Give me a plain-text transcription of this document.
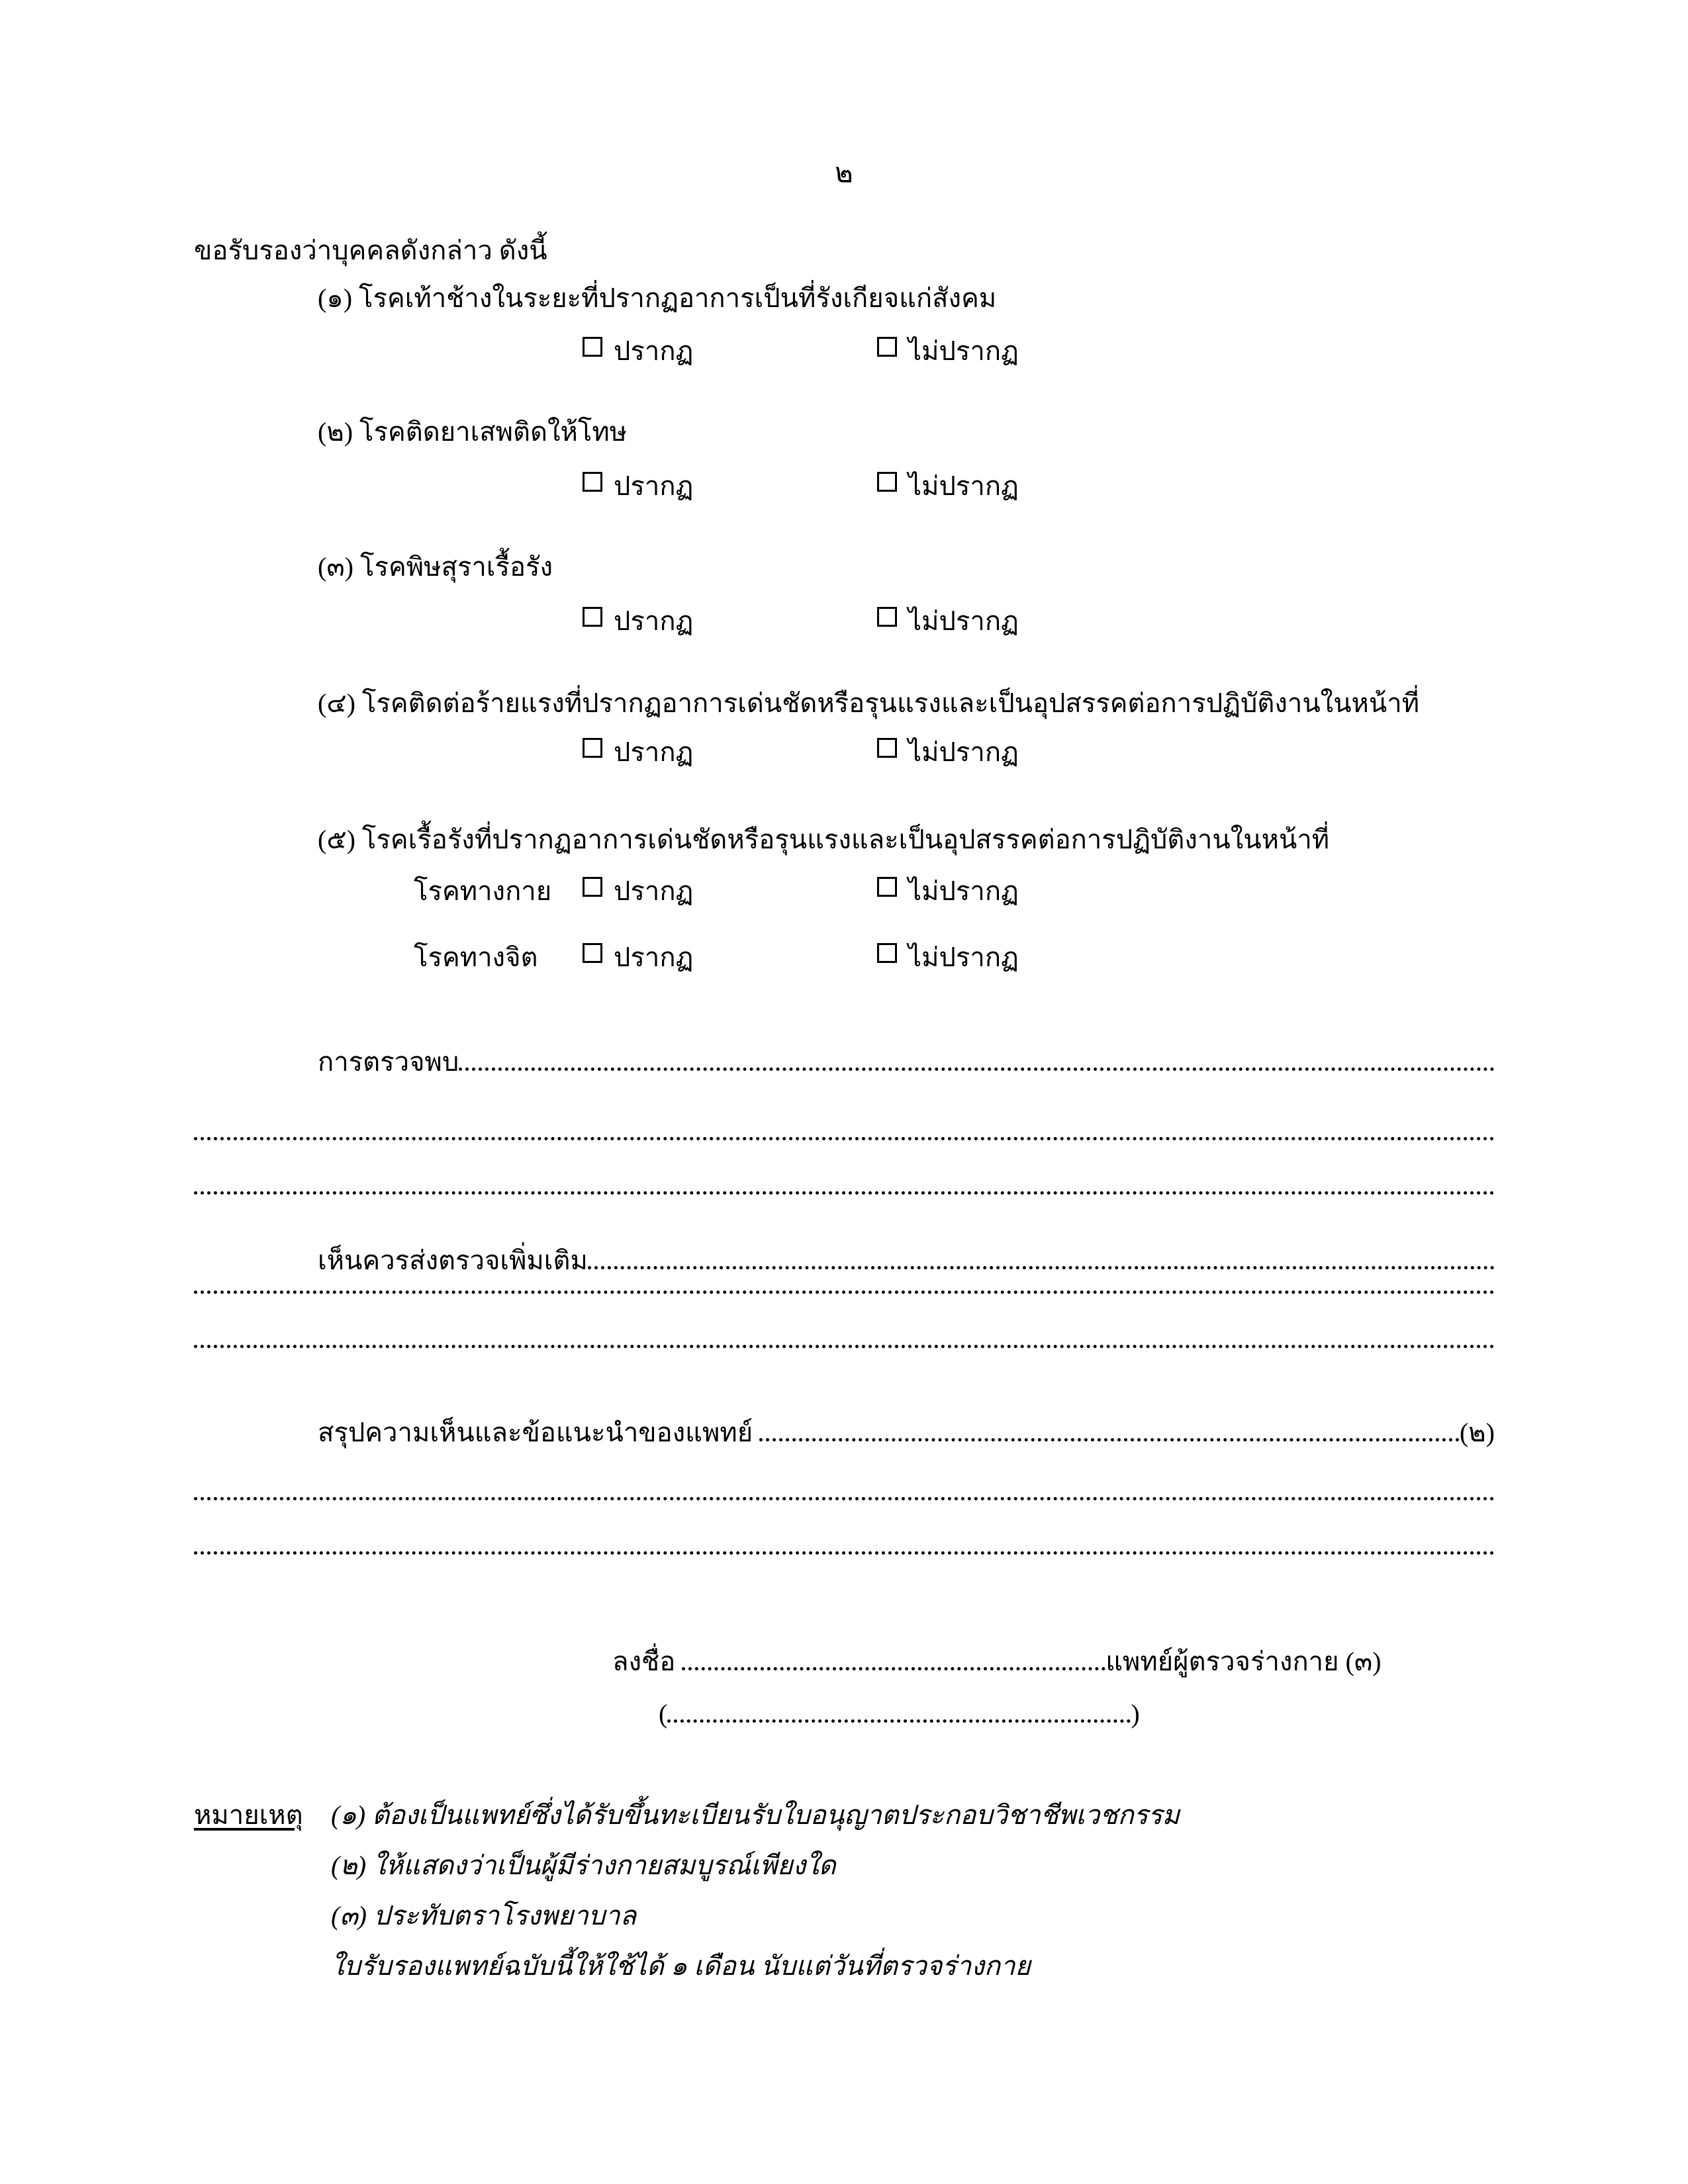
๒
ขอรับรองว่าบุคคลดังกล่าว ดังนี้
(๑) โรคเท้าช้างในระยะที่ปรากฏอาการเป็นที่รังเกียจแก่สังคม
ปรากฏ	ไม่ปรากฏ
(๒) โรคติดยาเสพติดให้โทษ
ปรากฏ	ไม่ปรากฏ
(๓) โรคพิษสุราเรื้อรัง
ปรากฏ	ไม่ปรากฏ
(๔) โรคติดต่อร้ายแรงที่ปรากฏอาการเด่นชัดหรือรุนแรงและเป็นอุปสรรคต่อการปฏิบัติงานในหน้าที่
ปรากฏ	ไม่ปรากฏ
(๕) โรคเรื้อรังที่ปรากฏอาการเด่นชัดหรือรุนแรงและเป็นอุปสรรคต่อการปฏิบัติงานในหน้าที่
โรคทางกาย	ปรากฏ	ไม่ปรากฏ
โรคทางจิต	ปรากฏ	ไม่ปรากฏ
การตรวจพบ
เห็นควรส่งตรวจเพิ่มเติม
สรุปความเห็นและข้อแนะนำของแพทย์	(๒)
ลงชื่อ	แพทย์ผู้ตรวจร่างกาย (๓)
(	)
หมายเหตุ (๑) ต้องเป็นแพทย์ซึ่งได้รับขึ้นทะเบียนรับใบอนุญาตประกอบวิชาชีพเวชกรรม
(๒) ให้แสดงว่าเป็นผู้มีร่างกายสมบูรณ์เพียงใด
(๓) ประทับตราโรงพยาบาล
ใบรับรองแพทย์ฉบับนี้ให้ใช้ได้ ๑ เดือน นับแต่วันที่ตรวจร่างกาย
